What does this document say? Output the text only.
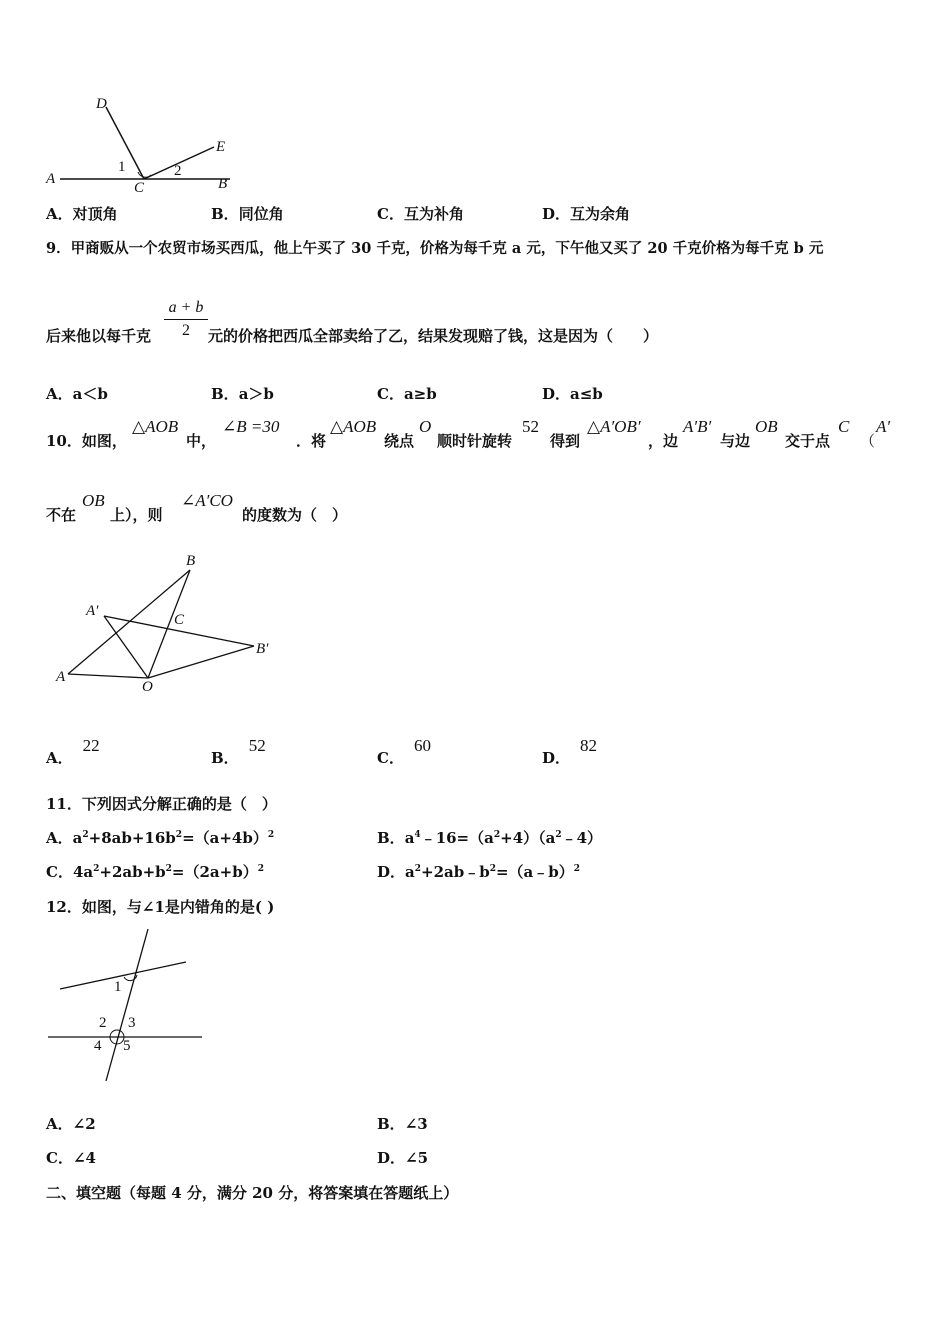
D
E
A	B
C
1	2
A．对顶角	B．同位角	C．互为补角	D．互为余角
9．甲商贩从一个农贸市场买西瓜，他上午买了 30 千克，价格为每千克 a 元，下午他又买了 20 千克价格为每千克 b 元
后来他以每千克
a + b
2	元的价格把西瓜全部卖给了乙，结果发现赔了钱，这是因为（　　）
A．a＜b	B．a＞b	C．a≥b	D．a≤b
10．如图，
△AOB
中，
∠B =30
．将
△AOB
绕点
O
顺时针旋转
52
得到
△A′OB′
，边
A′B′
与边
OB
交于点
C
（
A′
不在
OB
上），则
∠A′CO
的度数为（　）
B
A′
C
B′
A
O
A．22
B．52
C．60
D．82
11．下列因式分解正确的是（　）
A．$a^2+8ab+16b^2=(a+4b)^2$	B．$a^4﹣16=(a^2+4)(a^2﹣4)$
C．$4a^2+2ab+b^2=(2a+b)^2$	D．$a^2+2ab﹣b^2=(a﹣b)^2$
12．如图，与∠1是内错角的是( )
1
2 3
4 5
A．∠2	B．∠3
C．∠4	D．∠5
二、填空题（每题 4 分，满分 20 分，将答案填在答题纸上）
